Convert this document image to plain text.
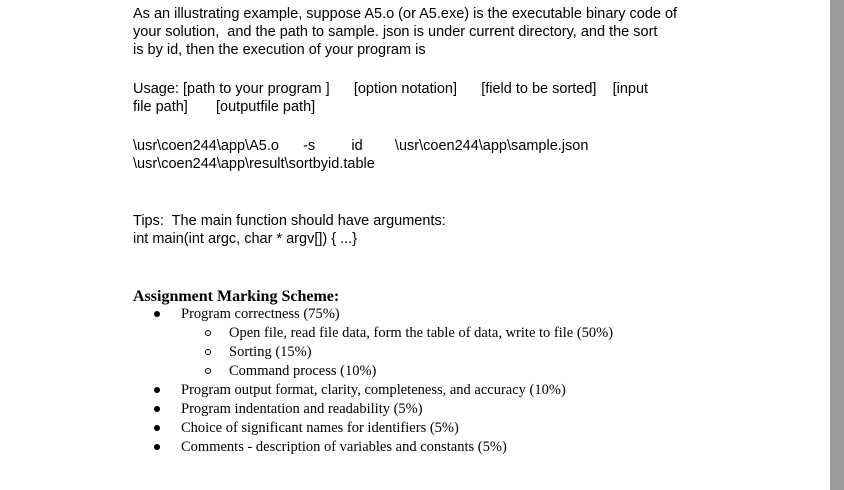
As an illustrating example, suppose A5.o (or A5.exe) is the executable binary code of
your solution,  and the path to sample. json is under current directory, and the sort
is by id, then the execution of your program is
Usage: [path to your program ]      [option notation]      [field to be sorted]    [input
file path]       [outputfile path]
\usr\coen244\app\A5.o      -s         id        \usr\coen244\app\sample.json
\usr\coen244\app\result\sortbyid.table
Tips:  The main function should have arguments:
int main(int argc, char * argv[]) { ...}
Assignment Marking Scheme:
Program correctness (75%)
Open file, read file data, form the table of data, write to file (50%)
Sorting (15%)
Command process (10%)
Program output format, clarity, completeness, and accuracy (10%)
Program indentation and readability (5%)
Choice of significant names for identifiers (5%)
Comments - description of variables and constants (5%)
